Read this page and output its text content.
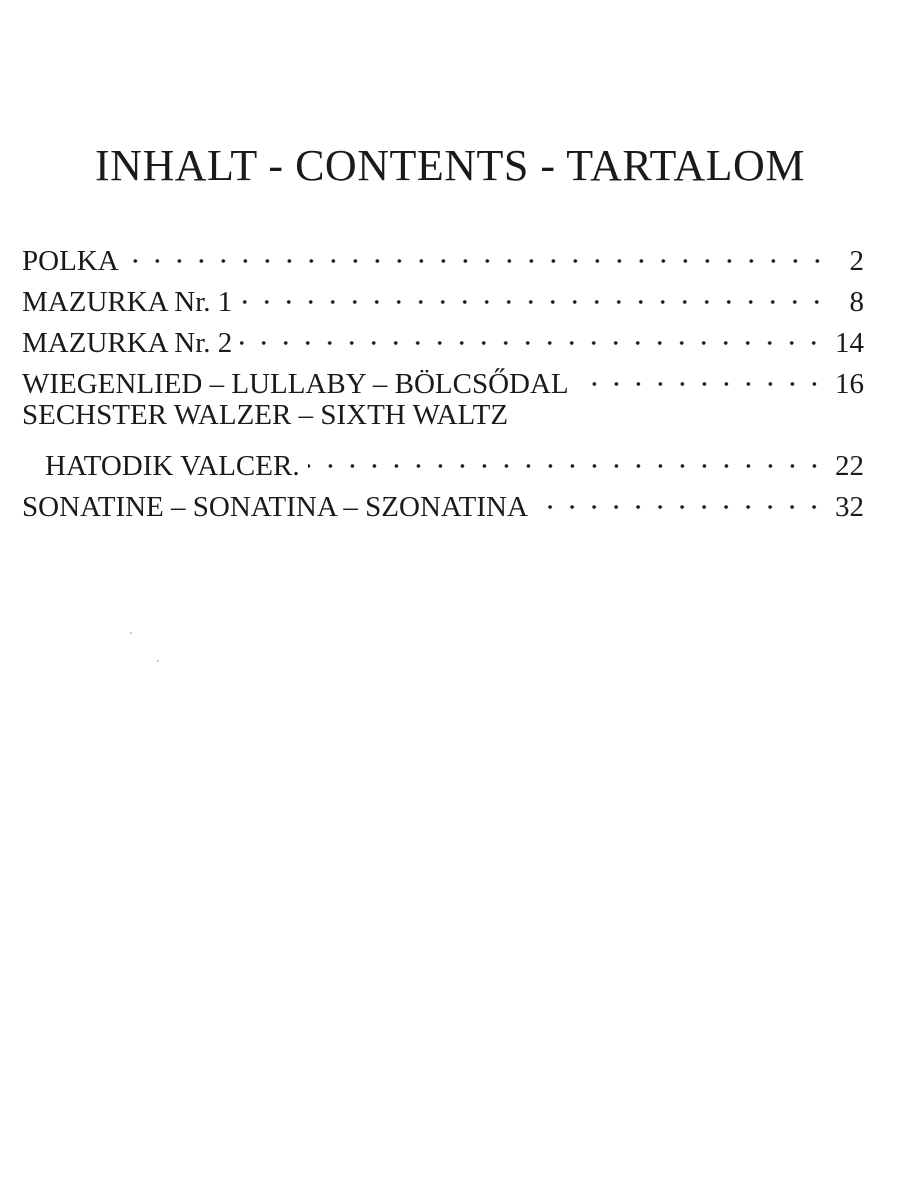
INHALT - CONTENTS - TARTALOM
POLKA	2
MAZURKA Nr. 1	8
MAZURKA Nr. 2	14
WIEGENLIED – LULLABY – BÖLCSŐDAL	16
SECHSTER WALZER – SIXTH WALTZ
HATODIK VALCER.	22
SONATINE – SONATINA – SZONATINA	32
